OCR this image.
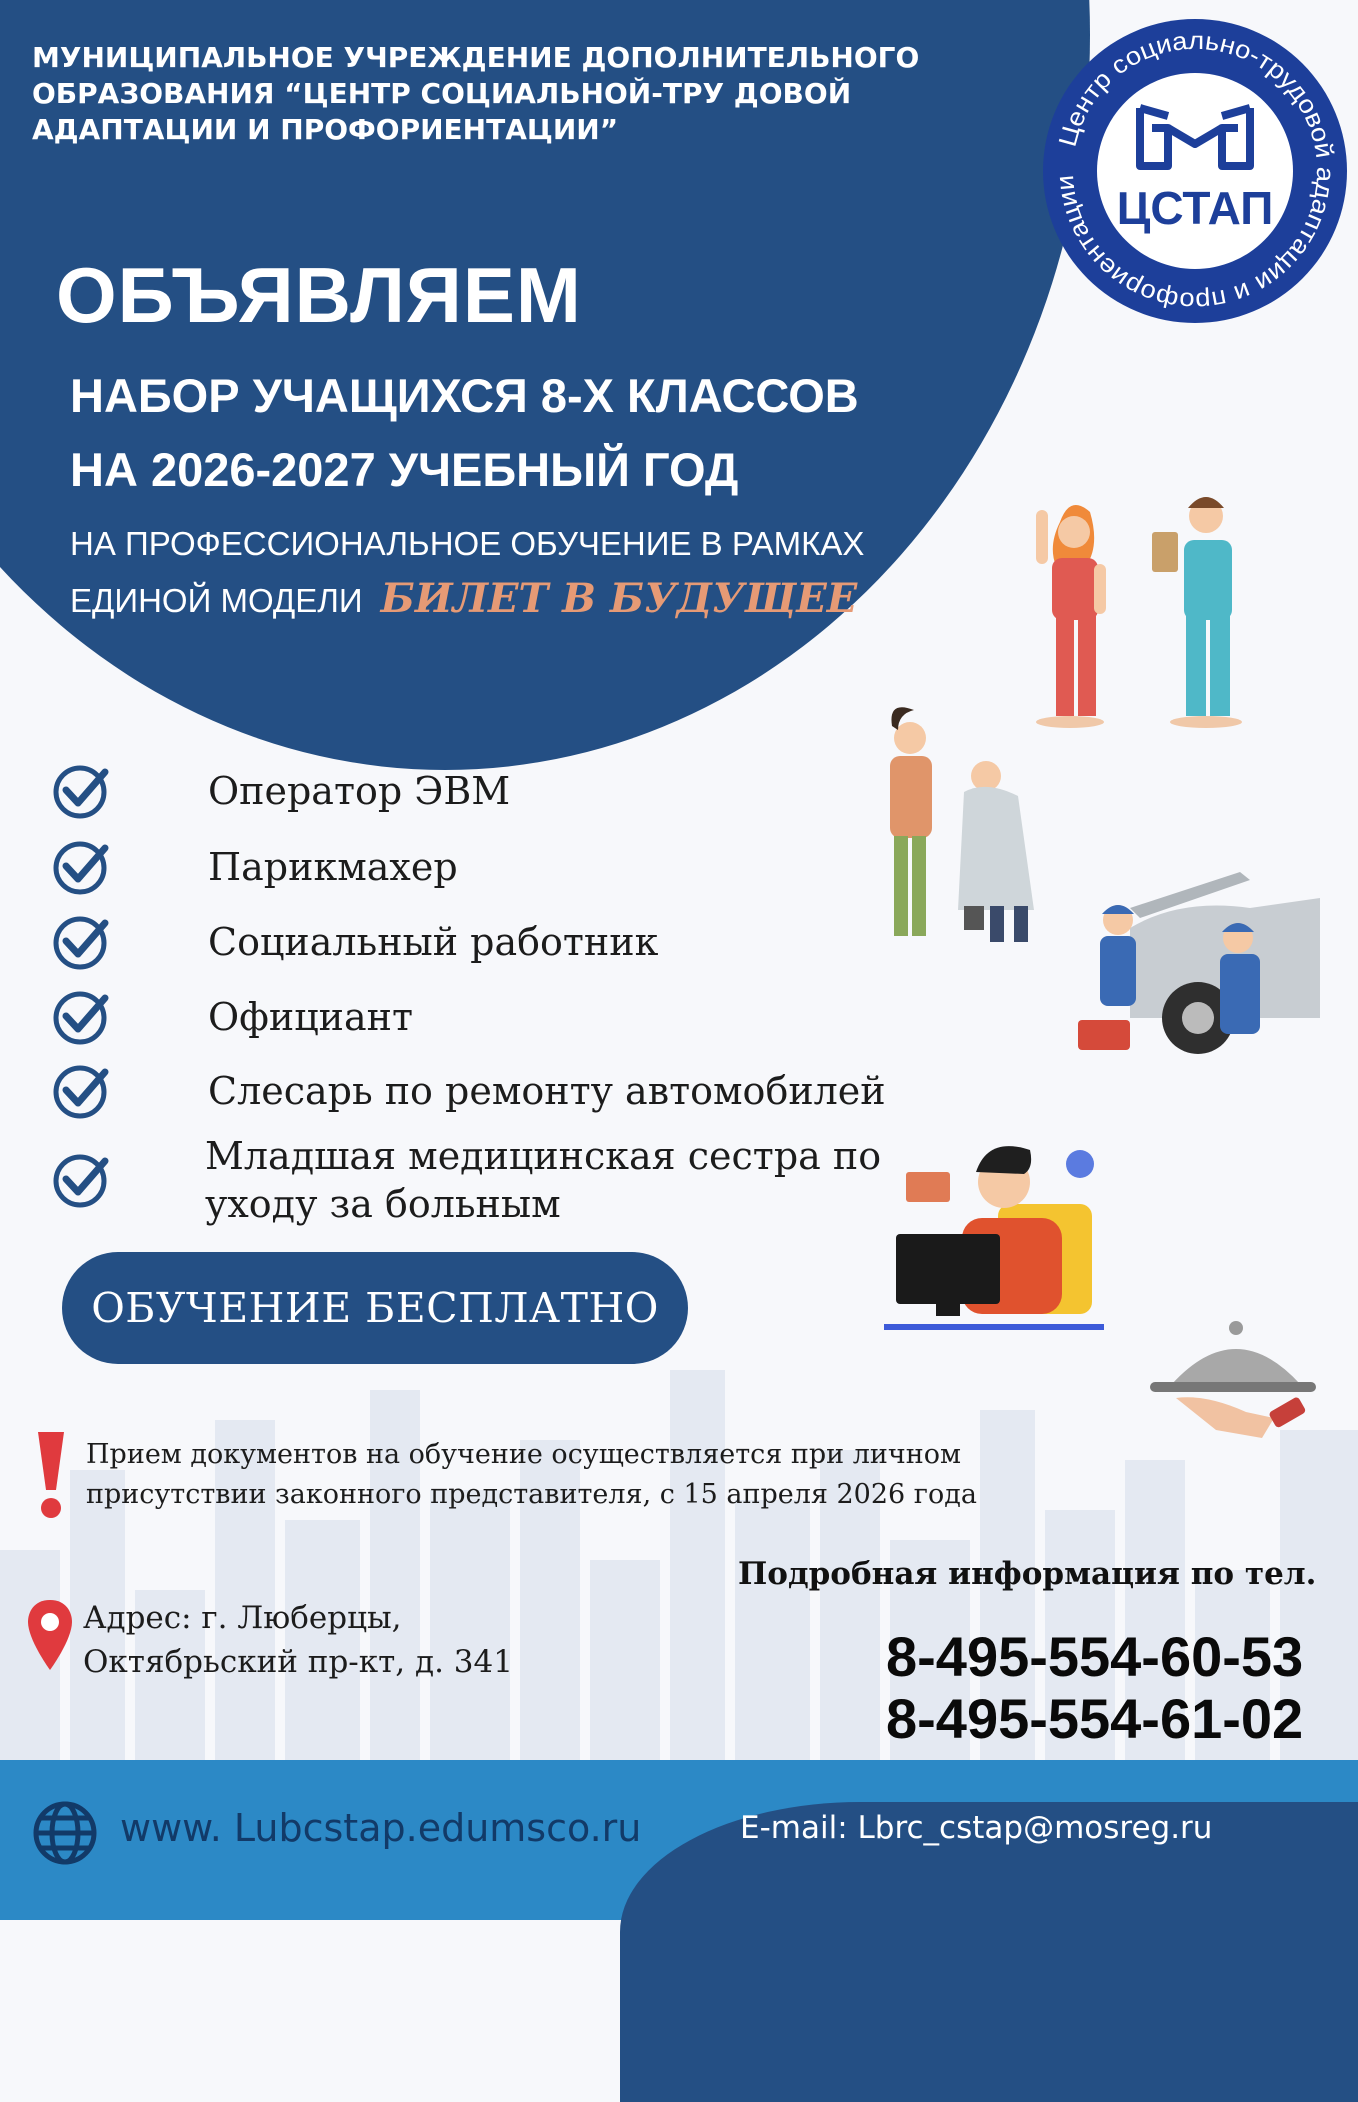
МУНИЦИПАЛЬНОЕ УЧРЕЖДЕНИЕ ДОПОЛНИТЕЛЬНОГО
ОБРАЗОВАНИЯ “ЦЕНТР СОЦИАЛЬНОЙ-ТРУ ДОВОЙ
АДАПТАЦИИ И ПРОФОРИЕНТАЦИИ”	Центр социально-трудовой адаптации и профориентации ЦСТАП
ОБЪЯВЛЯЕМ
НАБОР УЧАЩИХСЯ 8-Х КЛАССОВ
НА 2026-2027 УЧЕБНЫЙ ГОД
НА ПРОФЕССИОНАЛЬНОЕ ОБУЧЕНИЕ В РАМКАХ
ЕДИНОЙ МОДЕЛИ БИЛЕТ В БУДУЩЕЕ
Оператор ЭВМ
Парикмахер
Социальный работник
Официант
Слесарь по ремонту автомобилей
Младшая медицинская сестра по
уходу за больным
ОБУЧЕНИЕ БЕСПЛАТНО
Прием документов на обучение осуществляется при личном
присутствии законного представителя, с 15 апреля 2026 года
Адрес: г. Люберцы,
Октябрьский пр-кт, д. 341
Подробная информация по тел.
8-495-554-60-53
8-495-554-61-02
www. Lubcstap.edumsco.ru	E-mail: Lbrc_cstap@mosreg.ru
